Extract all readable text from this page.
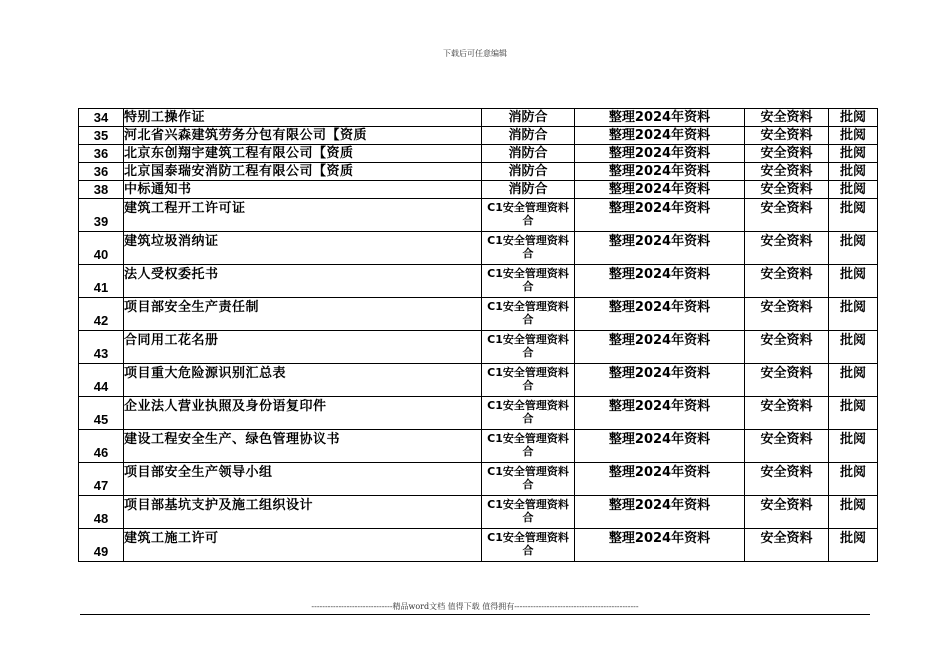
下载后可任意编辑
34	特别工操作证	消防合	整理2024年资料	安全资料	批阅
35	河北省兴森建筑劳务分包有限公司【资质	消防合	整理2024年资料	安全资料	批阅
36	北京东创翔宇建筑工程有限公司【资质	消防合	整理2024年资料	安全资料	批阅
36	北京国泰瑞安消防工程有限公司【资质	消防合	整理2024年资料	安全资料	批阅
38	中标通知书	消防合	整理2024年资料	安全资料	批阅
39	建筑工程开工许可证	C1安全管理资料合	整理2024年资料	安全资料	批阅
40	建筑垃圾消纳证	C1安全管理资料合	整理2024年资料	安全资料	批阅
41	法人受权委托书	C1安全管理资料合	整理2024年资料	安全资料	批阅
42	项目部安全生产责任制	C1安全管理资料合	整理2024年资料	安全资料	批阅
43	合同用工花名册	C1安全管理资料合	整理2024年资料	安全资料	批阅
44	项目重大危险源识别汇总表	C1安全管理资料合	整理2024年资料	安全资料	批阅
45	企业法人营业执照及身份语复印件	C1安全管理资料合	整理2024年资料	安全资料	批阅
46	建设工程安全生产、绿色管理协议书	C1安全管理资料合	整理2024年资料	安全资料	批阅
47	项目部安全生产领导小组	C1安全管理资料合	整理2024年资料	安全资料	批阅
48	项目部基坑支护及施工组织设计	C1安全管理资料合	整理2024年资料	安全资料	批阅
49	建筑工施工许可	C1安全管理资料合	整理2024年资料	安全资料	批阅
------------------------------精品word文档 值得下载 值得拥有----------------------------------------------
